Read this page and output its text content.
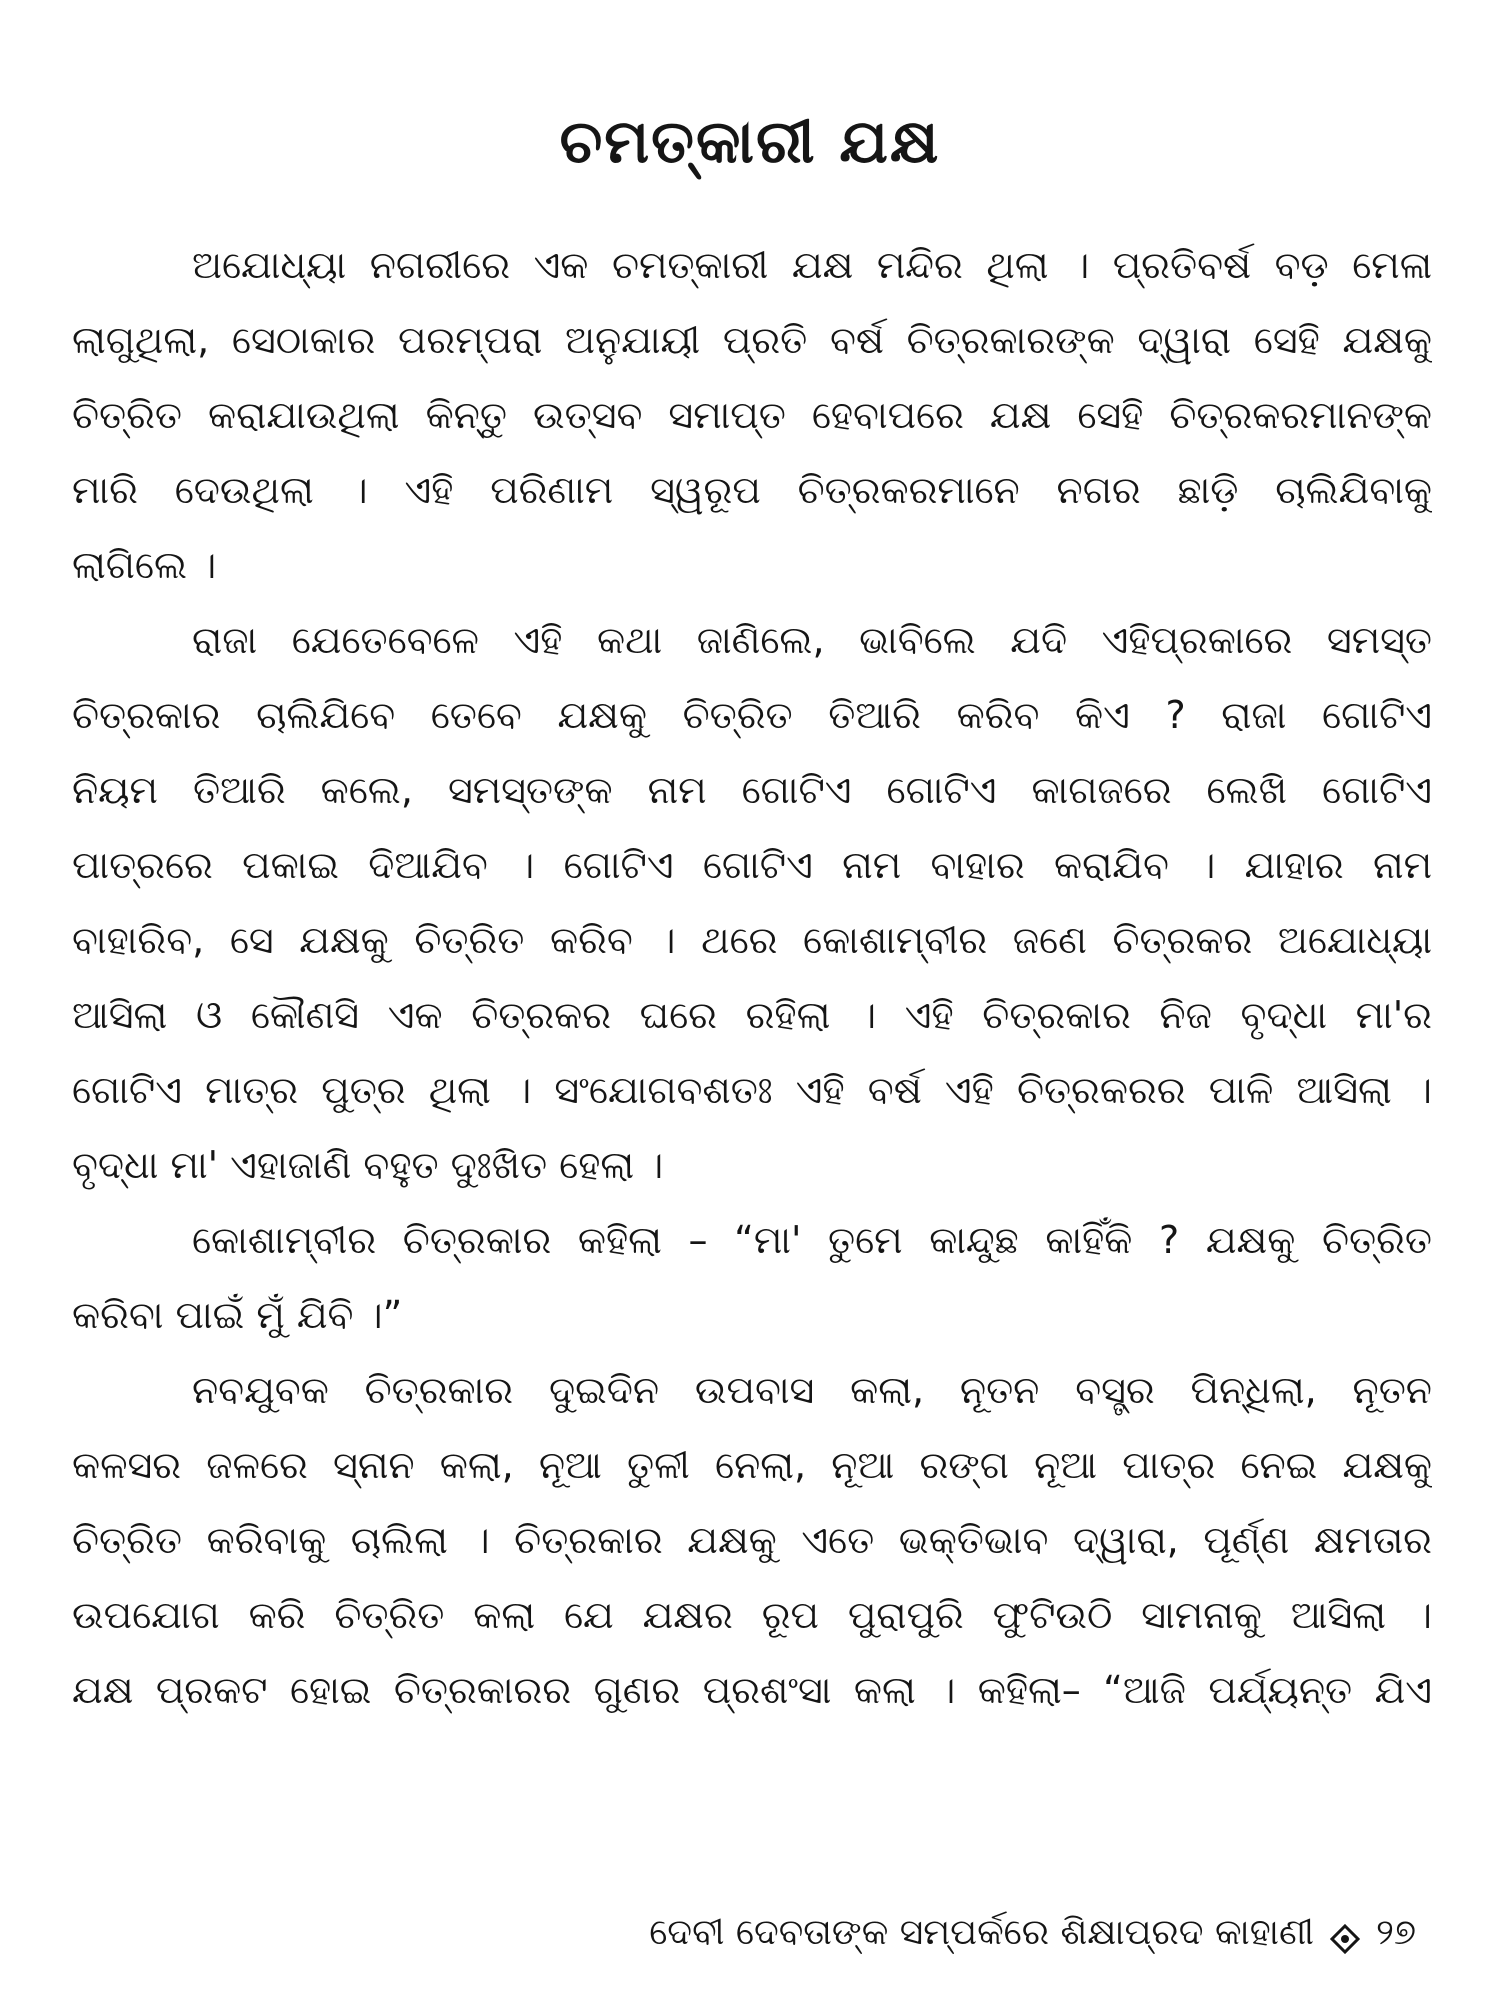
ଚମତ୍କାରୀ ଯକ୍ଷ
ଅଯୋଧ୍ୟା ନଗରୀରେ ଏକ ଚମତ୍କାରୀ ଯକ୍ଷ ମନ୍ଦିର ଥିଲା । ପ୍ରତିବର୍ଷ ବଡ଼ ମେଳା
ଲାଗୁଥିଲା, ସେଠାକାର ପରମ୍ପରା ଅନୁଯାୟୀ ପ୍ରତି ବର୍ଷ ଚିତ୍ରକାରଙ୍କ ଦ୍ୱାରା ସେହି ଯକ୍ଷକୁ
ଚିତ୍ରିତ କରାଯାଉଥିଲା କିନ୍ତୁ ଉତ୍ସବ ସମାପ୍ତ ହେବାପରେ ଯକ୍ଷ ସେହି ଚିତ୍ରକରମାନଙ୍କ
ମାରି ଦେଉଥିଲା । ଏହି ପରିଣାମ ସ୍ୱରୂପ ଚିତ୍ରକରମାନେ ନଗର ଛାଡ଼ି ଚାଲିଯିବାକୁ
ଲାଗିଲେ ।
ରାଜା ଯେତେବେଳେ ଏହି କଥା ଜାଣିଲେ, ଭାବିଲେ ଯଦି ଏହିପ୍ରକାରେ ସମସ୍ତ
ଚିତ୍ରକାର ଚାଲିଯିବେ ତେବେ ଯକ୍ଷକୁ ଚିତ୍ରିତ ତିଆରି କରିବ କିଏ ? ରାଜା ଗୋଟିଏ
ନିୟମ ତିଆରି କଲେ, ସମସ୍ତଙ୍କ ନାମ ଗୋଟିଏ ଗୋଟିଏ କାଗଜରେ ଲେଖି ଗୋଟିଏ
ପାତ୍ରରେ ପକାଇ ଦିଆଯିବ । ଗୋଟିଏ ଗୋଟିଏ ନାମ ବାହାର କରାଯିବ । ଯାହାର ନାମ
ବାହାରିବ, ସେ ଯକ୍ଷକୁ ଚିତ୍ରିତ କରିବ । ଥରେ କୋଶାମ୍ବୀର ଜଣେ ଚିତ୍ରକର ଅଯୋଧ୍ୟା
ଆସିଲା ଓ କୌଣସି ଏକ ଚିତ୍ରକର ଘରେ ରହିଲା । ଏହି ଚିତ୍ରକାର ନିଜ ବୃଦ୍ଧା ମା'ର
ଗୋଟିଏ ମାତ୍ର ପୁତ୍ର ଥିଲା । ସଂଯୋଗବଶତଃ ଏହି ବର୍ଷ ଏହି ଚିତ୍ରକରର ପାଳି ଆସିଲା ।
ବୃଦ୍ଧା ମା' ଏହାଜାଣି ବହୁତ ଦୁଃଖିତ ହେଲା ।
କୋଶାମ୍ବୀର ଚିତ୍ରକାର କହିଲା – “ମା' ତୁମେ କାନ୍ଦୁଛ କାହିଁକି ? ଯକ୍ଷକୁ ଚିତ୍ରିତ
କରିବା ପାଇଁ ମୁଁ ଯିବି ।”
ନବଯୁବକ ଚିତ୍ରକାର ଦୁଇଦିନ ଉପବାସ କଲା, ନୂତନ ବସ୍ତ୍ର ପିନ୍ଧିଲା, ନୂତନ
କଳସର ଜଳରେ ସ୍ନାନ କଲା, ନୂଆ ତୁଳୀ ନେଲା, ନୂଆ ରଙ୍ଗ ନୂଆ ପାତ୍ର ନେଇ ଯକ୍ଷକୁ
ଚିତ୍ରିତ କରିବାକୁ ଚାଲିଲା । ଚିତ୍ରକାର ଯକ୍ଷକୁ ଏତେ ଭକ୍ତିଭାବ ଦ୍ୱାରା, ପୂର୍ଣ୍ଣ କ୍ଷମତାର
ଉପଯୋଗ କରି ଚିତ୍ରିତ କଲା ଯେ ଯକ୍ଷର ରୂପ ପୁରାପୁରି ଫୁଟିଉଠି ସାମନାକୁ ଆସିଲା ।
ଯକ୍ଷ ପ୍ରକଟ ହୋଇ ଚିତ୍ରକାରର ଗୁଣର ପ୍ରଶଂସା କଲା । କହିଲା– “ଆଜି ପର୍ଯ୍ୟନ୍ତ ଯିଏ
ଦେବୀ ଦେବତାଙ୍କ ସମ୍ପର୍କରେ ଶିକ୍ଷାପ୍ରଦ କାହାଣୀ ୨୭
